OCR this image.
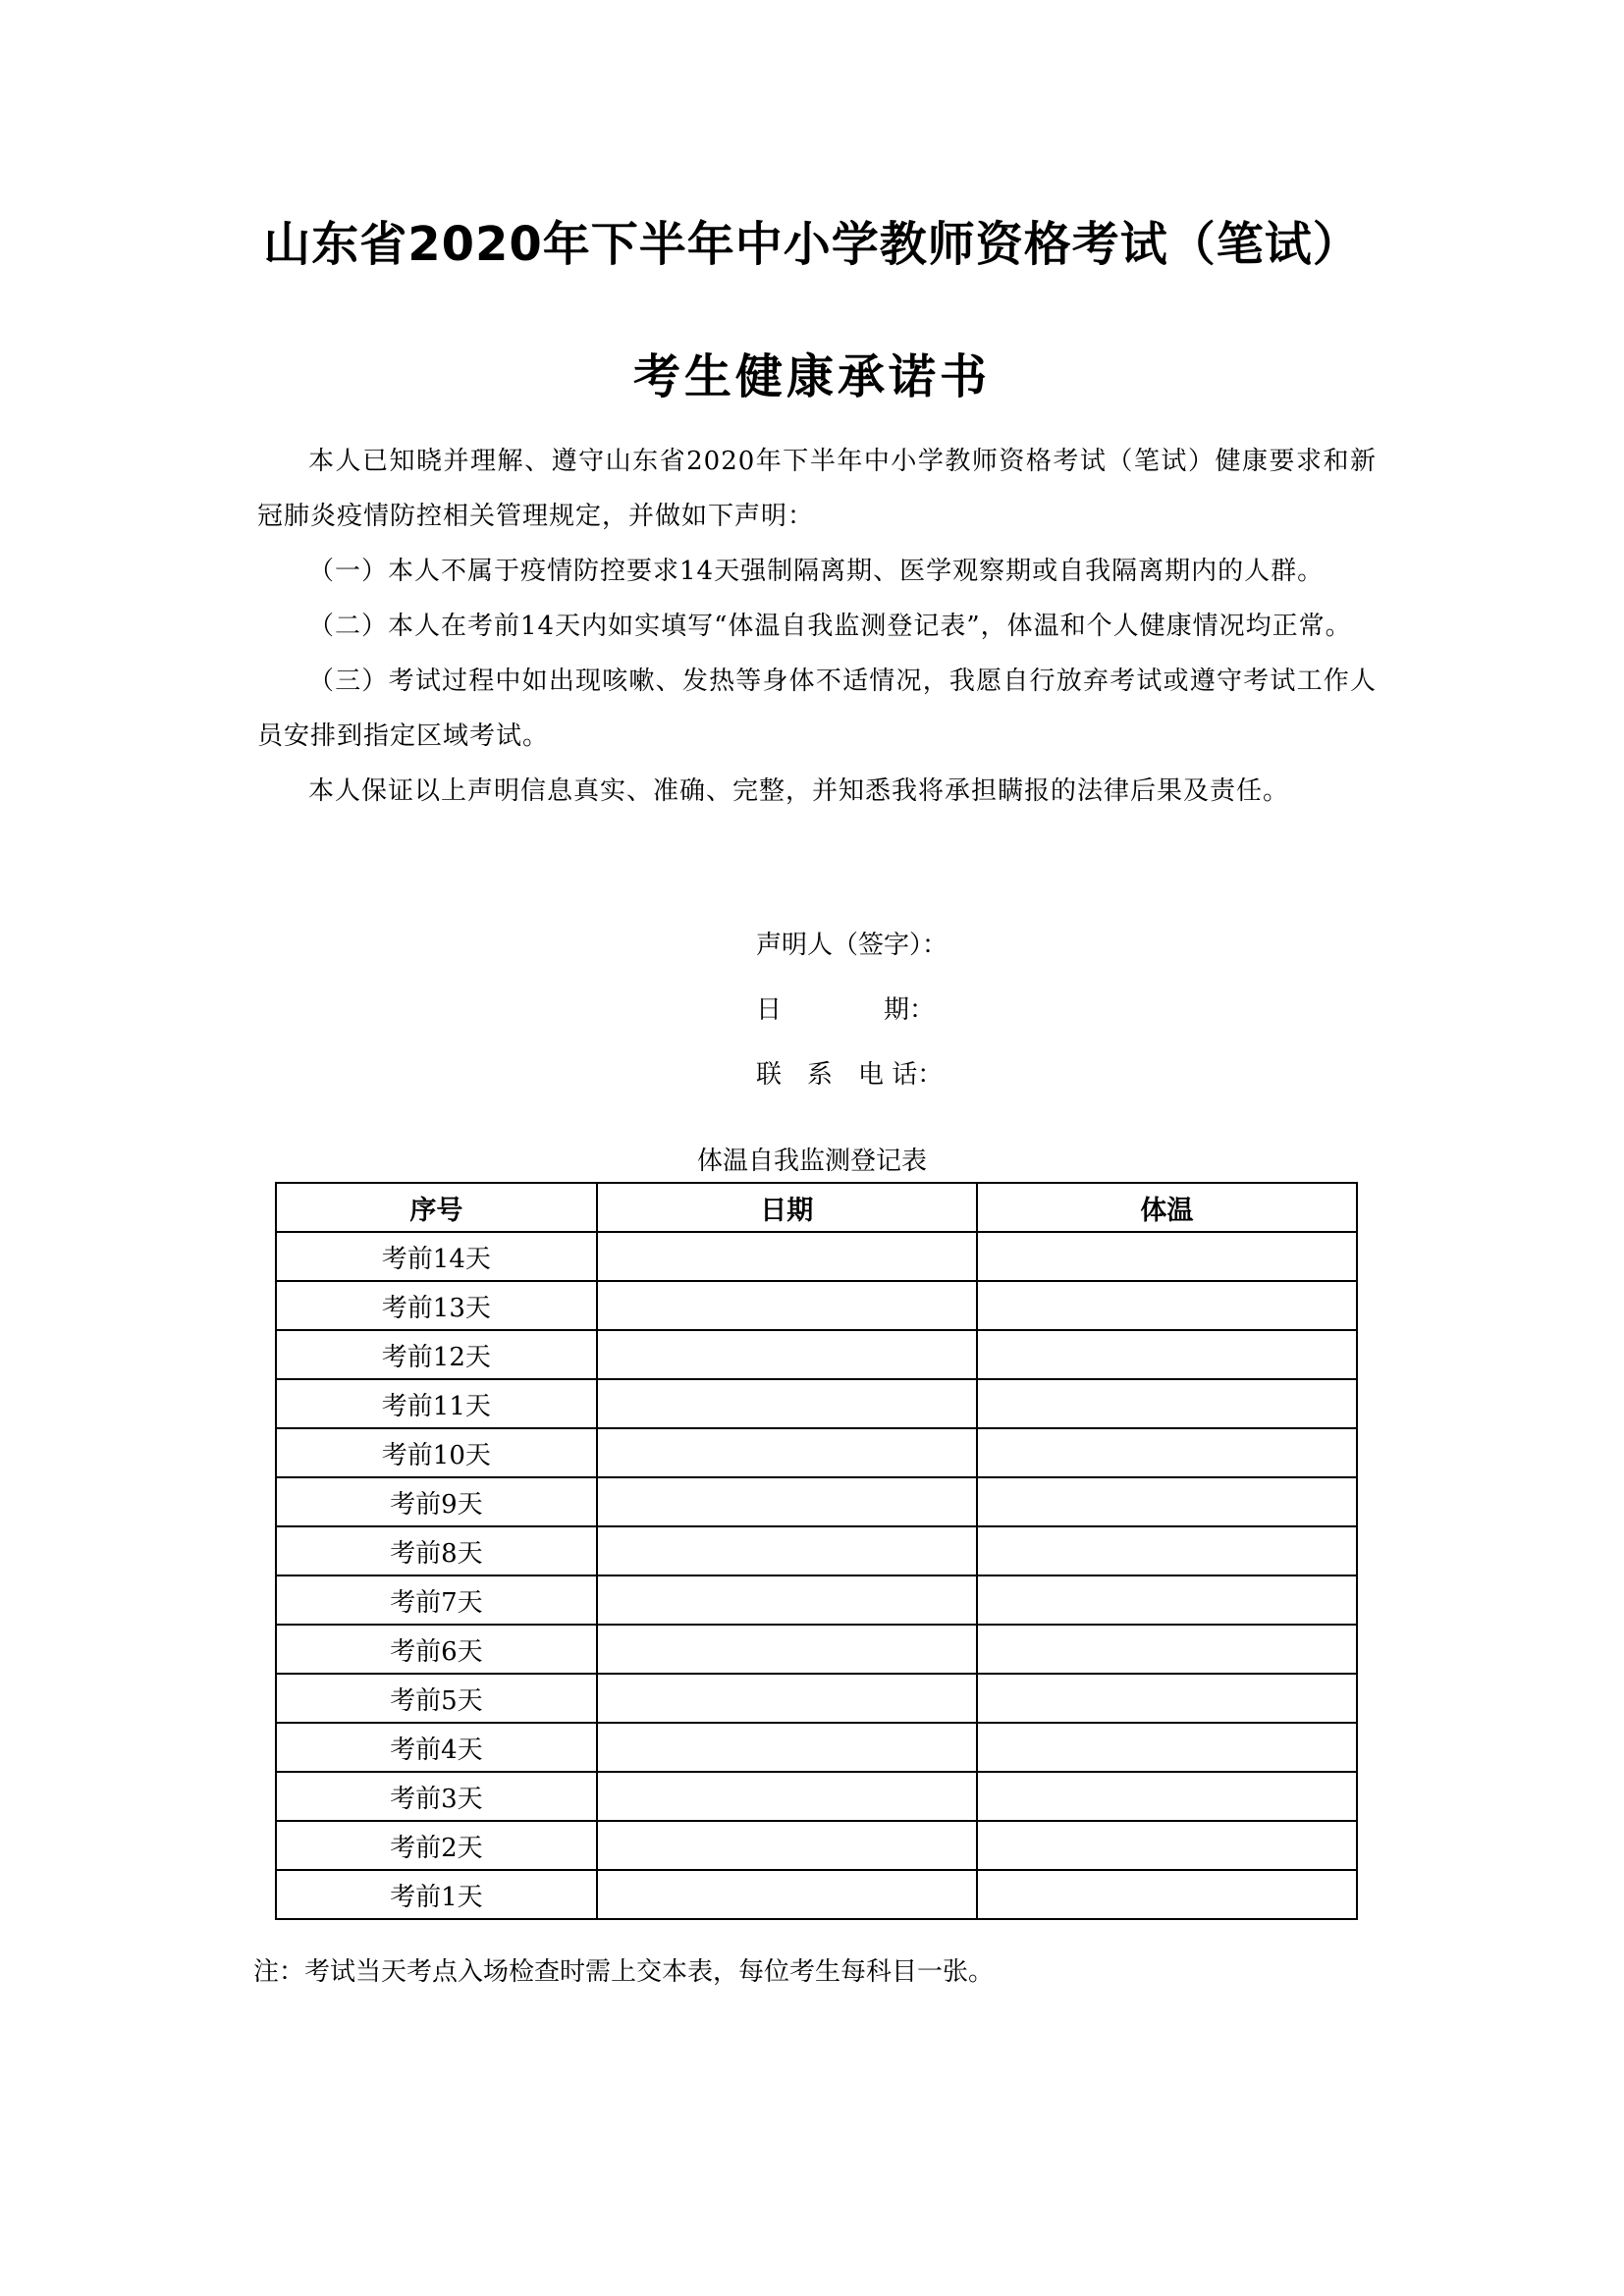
山东省2020年下半年中小学教师资格考试（笔试）
考生健康承诺书

本人已知晓并理解、遵守山东省2020年下半年中小学教师资格考试（笔试）健康要求和新冠肺炎疫情防控相关管理规定，并做如下声明：

（一）本人不属于疫情防控要求14天强制隔离期、医学观察期或自我隔离期内的人群。

（二）本人在考前14天内如实填写“体温自我监测登记表”，体温和个人健康情况均正常。

（三）考试过程中如出现咳嗽、发热等身体不适情况，我愿自行放弃考试或遵守考试工作人员安排到指定区域考试。

本人保证以上声明信息真实、准确、完整，并知悉我将承担瞒报的法律后果及责任。

声明人（签字）：
日　　　　期：
联　系　电 话：
体温自我监测登记表
序号	日期	体温
考前14天		
考前13天		
考前12天		
考前11天		
考前10天		
考前9天		
考前8天		
考前7天		
考前6天		
考前5天		
考前4天		
考前3天		
考前2天		
考前1天		
注：考试当天考点入场检查时需上交本表，每位考生每科目一张。
